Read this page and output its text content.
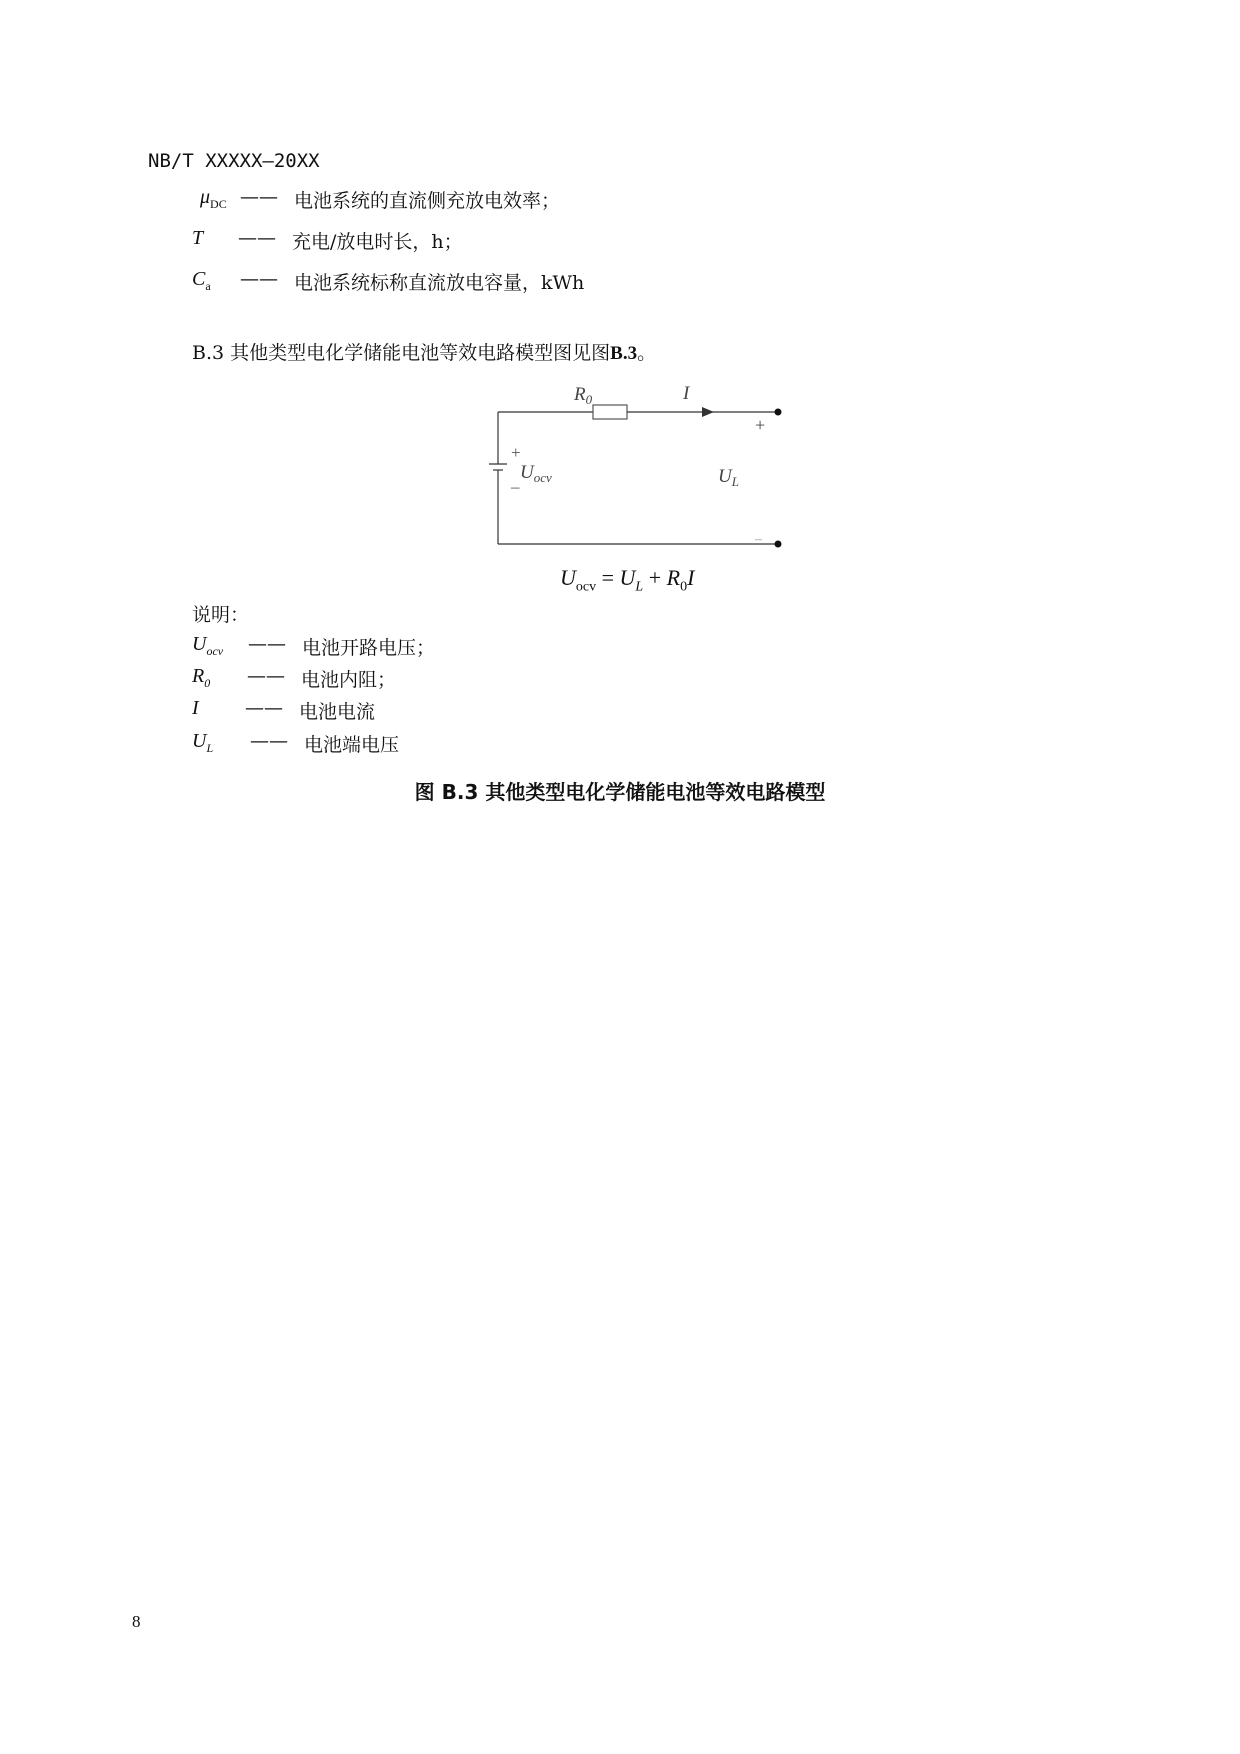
NB/T XXXXX—20XX
$\mu_{DC}$ —— 电池系统的直流侧充放电效率；
T —— 充电/放电时长，h；
$C_a$ —— 电池系统标称直流放电容量，kWh
B.3 其他类型电化学储能电池等效电路模型图见图B.3。
$R_0$	I
+
–
+
–
$U_{ocv}$	$U_L$
$U_{ocv} = U_L + R_0I$
说明：
$U_{ocv}$ —— 电池开路电压；
$R_0$ —— 电池内阻；
I —— 电池电流
$U_L$ —— 电池端电压
图 B.3 其他类型电化学储能电池等效电路模型
8
